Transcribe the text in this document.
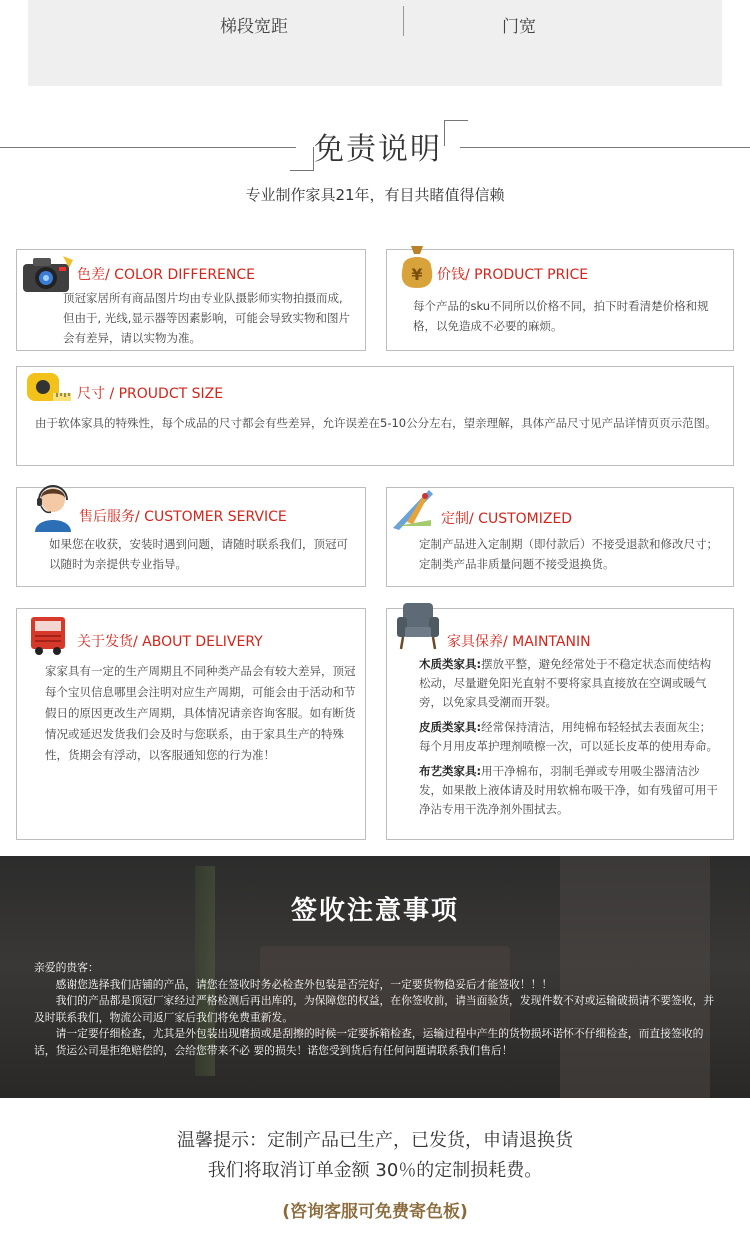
梯段宽距	门宽
免责说明
专业制作家具21年，有目共睹值得信赖
色差/ COLOR DIFFERENCE
顶冠家居所有商品图片均由专业队摄影师实物拍摄而成,但由于, 光线,显示器等因素影响，可能会导致实物和图片会有差异，请以实物为准。
¥ 价钱/ PRODUCT PRICE
每个产品的sku不同所以价格不同，拍下时看清楚价格和规格，以免造成不必要的麻烦。
尺寸 / PROUDCT SIZE
由于软体家具的特殊性，每个成品的尺寸都会有些差异，允许误差在5-10公分左右，望亲理解，具体产品尺寸见产品详情页页示范图。
售后服务/ CUSTOMER SERVICE
如果您在收获，安装时遇到问题，请随时联系我们，顶冠可以随时为亲提供专业指导。
定制/ CUSTOMIZED
定制产品进入定制期（即付款后）不接受退款和修改尺寸；定制类产品非质量问题不接受退换货。
关于发货/ ABOUT DELIVERY
家家具有一定的生产周期且不同种类产品会有较大差异，顶冠每个宝贝信息哪里会注明对应生产周期，可能会由于活动和节假日的原因更改生产周期，具体情况请亲咨询客服。如有断货情况或延迟发货我们会及时与您联系，由于家具生产的特殊性，货期会有浮动，以客服通知您的行为准！
家具保养/ MAINTANIN
木质类家具:摆放平整，避免经常处于不稳定状态而使结构松动，尽量避免阳光直射不要将家具直接放在空调或暖气旁，以免家具受潮而开裂。
皮质类家具:经常保持清洁，用纯棉布轻轻拭去表面灰尘；每个月用皮革护理剂喷檫一次，可以延长皮革的使用寿命。
布艺类家具:用干净棉布，羽制毛弹或专用吸尘器清洁沙发，如果散上液体请及时用软棉布吸干净，如有残留可用干净沾专用干洗净剂外围拭去。
签收注意事项
亲爱的贵客：
感谢您选择我们店铺的产品，请您在签收时务必检查外包装是否完好，一定要货物稳妥后才能签收！！！
我们的产品都是顶冠厂家经过严格检测后再出库的，为保障您的权益，在你签收前，请当面验货，发现件数不对或运输破损请不要签收，并及时联系我们，物流公司返厂家后我们将免费重新发。
请一定要仔细检查，尤其是外包装出现磨损或是刮擦的时候一定要拆箱检查，运输过程中产生的货物损坏诺怀不仔细检查，而直接签收的话，货运公司是拒绝赔偿的，会给您带来不必 要的损失！诺您受到货后有任何问题请联系我们售后！
温馨提示：定制产品已生产，已发货，申请退换货
我们将取消订单金额 30％的定制损耗费。
(咨询客服可免费寄色板)
